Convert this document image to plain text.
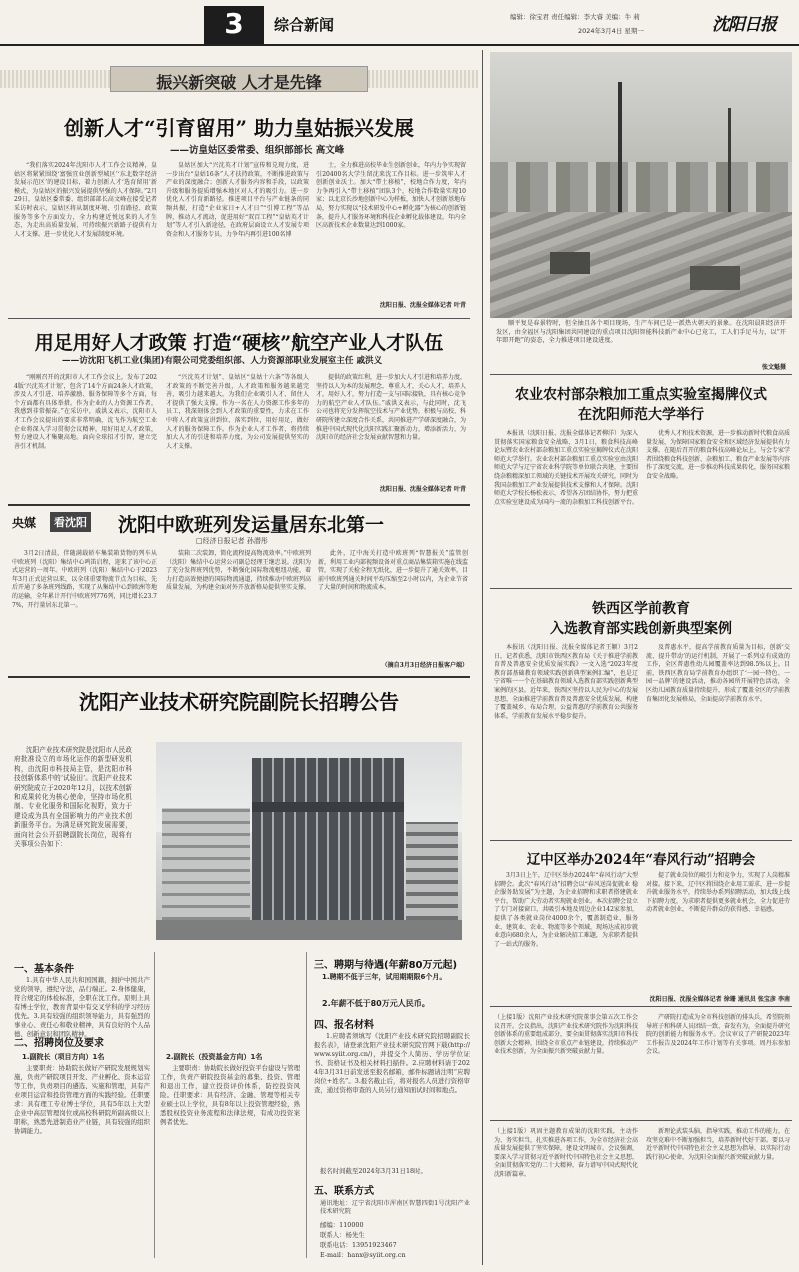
3	综合新闻	编辑：徐宝君 责任编辑：李大睿 美编：牛 莉
2024年3月4日 星期一	沈阳日报
振兴新突破 人才是先锋
创新人才“引育留用” 助力皇姑振兴发展
——访皇姑区委常委、组织部部长 高文峰

“我们落实2024年沈阳市人才工作会议精神，皇姑区将紧紧围绕‘富强宜业创新型城区’‘东北数字经济发展示范区’的建设目标，着力创新人才‘选育留用’新模式，为皇姑区的振兴发展提供坚强的人才保障。”2月29日，皇姑区委常委、组织部部长高文峰在接受记者采访时表示，皇姑区将从制度环境、引育路径、政策服务等多个方面发力，全力构建近悦远来的人才生态，为走出高质量发展、可持续振兴新路子提供有力人才支撑。进一步优化人才发展制度环境。

皇姑区加大“兴沈英才计划”宣传和兑现力度，进一步出台“皇姑16条”人才扶持政策，不断推进政策与产业的深度融合；创新人才服务内容和手段，以政策升级和服务提质增强本地区对人才的吸引力。进一步优化人才引育新路径。推进项目平台与产业链条的同频共振，打造“企业家日+人才日”“引博工程”等品牌，推动人才流动，促进用好“双百工程”“皇姑英才计划”等人才引入新途径，在政府层面设立人才发展专项资金和人才服务专员，力争年内再引进100名博

士，全力推进高校毕业生创新创业，年内力争实现留引20400名大学生留沈来沈工作目标。进一步筑牢人才创新创业沃土。加大“带土移植”，校地合作力度，年内力争再引入“带土移植”团队3个，校地合作数量实现10家；以北京长沙地创新中心为样板，加快人才创新基地布局，努力实现以“技术研发中心+孵化器”为核心的创新链条，提升人才服务环境和科技企业孵化载体建设。年内全区高新技术企业数量达到1000家。

沈阳日报、沈报全媒体记者 叶青
用足用好人才政策 打造“硬核”航空产业人才队伍
——访沈阳飞机工业(集团)有限公司党委组织部、人力资源部职业发展室主任 戚洪义

“刚刚召开的沈阳市人才工作会议上，发布了2024版‘兴沈英才计划’，包含了14个方面24条人才政策，涉及人才引进、培养激励、服务保障等多个方面，每个方面都有具体举措。作为企业的人力资源工作者，我感到非常振奋。”在采访中，戚洪义表示，沈阳市人才工作会议提出的要求非常明确，沈飞作为航空工业企业将深入学习贯彻会议精神，用好用足人才政策，努力建设人才集聚高地。面向全球招才引智，建立完善引才机制。

“兴沈英才计划”、皇姑区“皇姑十六条”等各级人才政策的不断完善升级，人才政策和服务越来越完善，吸引力越来越大，为我们企业吸引人才、留住人才提供了强大支撑。作为一名在人力资源工作多年的员工，我深刻体会到人才政策的重要性，力求在工作中将人才政策宣讲到位、落实到位，用好用足，做好人才的服务保障工作。作为企业人才工作者，将持续加大人才的引进和培养力度，为公司发展提供坚实的人才支撑。

提供的政策红利，进一步加大人才引进和培养力度，坚持以人为本的发展理念，尊重人才，关心人才，培养人才，用好人才，努力打造一支与国际接轨，具有核心竞争力的航空产业人才队伍。”戚洪义表示，与此同时，沈飞公司也将充分发挥航空技术与产业优势，积极与高校、科研院所建立深度合作关系，共同推进产学研深度融合，为推进中国式现代化沈阳实践汇聚新动力，增添新活力，为沈阳市的经济社会发展贡献智慧和力量。

沈阳日报、沈报全媒体记者 叶青
央媒	看沈阳 沈阳中欧班列发运量居东北第一
□经济日报记者 孙潜彤

3月2日清晨，伴随满载轿车集装箱货物的列车从中欧班列（沈阳）集结中心鸣笛启程，迎来了该中心正式运营的一周年。中欧班列（沈阳）集结中心于2023年3月正式运营以来，以全球重要物流节点为目标，先后开通了多条班列线路，实现了从集结中心到欧洲等地的运输，全年累计开行中欧班列776列，同比增长23.77%，开行量居东北第一。

装箱二次装卸，简化流程提高物流效率。”中欧班列（沈阳）集结中心运营公司副总经理王继忠说。沈阳为了充分发挥班列优势，不断强化国际物流枢纽功能，着力打造高效便捷的国际物流通道，持续推动中欧班列高质量发展，为构建全面对外开放新格局提供坚实支撑。

此外，辽中海关打造中欧班列“智慧报关”监管创新，利用工业内部视频设备对重点商品集装箱实施在线监管，实现了关检全程无纸化，进一步提升了通关效率，目前中欧班列通关时间平均压缩至2小时以内，为企业节省了大量的时间和物流成本。

（摘自3月3日经济日报客户端）
沈阳产业技术研究院副院长招聘公告

沈阳产业技术研究院是沈阳市人民政府批准设立的市场化运作的新型研发机构，由沈阳市科技局主管，是沈阳市科技创新体系中的‘试验田’。沈阳产业技术研究院成立于2020年12月，以技术创新和成果转化为核心使命，坚持市场化机制、专业化服务和国际化视野，致力于建设成为具有全国影响力的产业技术创新服务平台。为满足研究院发展需要，面向社会公开招聘副院长岗位，现将有关事项公告如下：

一、基本条件

1.具有中华人民共和国国籍，拥护中国共产党的领导，遵纪守法，品行端正。2.身体健康，符合规定的体检标准，全职在沈工作。原则上具有博士学位，教育背景中有交叉学科的学习经历优先。3.具有较强的组织领导能力，具有强烈的事业心、责任心和敬业精神，具有良好的个人品德、创新意识和团队精神。

二、招聘岗位及要求
1.副院长（项目方向）1名

主要职责：协助院长做好产研院发展规划实施，负责产研院项目开发、产业孵化、资本运营等工作，负责项目的遴选、实施和管理，具有产业项目运营和投资管理方面的实践经验。任职要求：具有理工专业博士学位，具有5年以上大型企业中高层管理岗位或高校科研院所副高级以上职称，熟悉先进制造业产业链，具有较强的组织协调能力。

2.副院长（投资基金方向）1名

主要职责：协助院长做好投资平台建设与管理工作，负责产研院投资基金的募集、投资、管理和退出工作，建立投资评价体系，防控投资风险。任职要求：具有经济、金融、管理等相关专业硕士以上学位，具有8年以上投资管理经验，熟悉股权投资业务流程和法律法规，有成功投资案例者优先。

三、聘期与待遇(年薪80万元起)
1.聘期不低于三年，试用期期限6个月。
2.年薪不低于80万元人民币。
四、报名材料

1.应聘者须填写《沈阳产业技术研究院招聘副院长报名表》，请登录沈阳产业技术研究院官网下载(http://www.syiit.org.cn/)，并提交个人简历、学历学位证书、资格证书及相关材料扫描件。2.应聘材料请于2024年3月31日前发送至报名邮箱，邮件标题请注明“应聘岗位+姓名”。3.报名截止后，将对报名人员进行资格审查，通过资格审查的人员另行通知面试时间和地点。

报名时间截至2024年3月31日18时。
五、联系方式

通讯地址：辽宁省沈阳市浑南区智慧四街1号沈阳产业技术研究院

邮编：110000
联系人：杨先生
联系电话：13951923467
E-mail：hanx@syiit.org.cn

顺平复是春景特时，但全抽且各个项目现场，生产车间已是一派热火朝天的景象。在沈阳晨阳经济开发区，由全福区与沈阳集团共同建设的重点项目沈阳智能科技新产业中心已竟工，工人们手足马力，以“开年即开跑”的姿态，全力推进项目建设进度。

张文魁摄
农业农村部杂粮加工重点实验室揭牌仪式
在沈阳师范大学举行

本报讯（沈阳日报、沈报全媒体记者柳洋）为深入贯彻落实国家粮食安全战略，3月1日，粮食科技高峰论坛暨农业农村部杂粮加工重点实验室揭牌仪式在沈阳师范大学举行。农业农村部杂粮加工重点实验室由沈阳师范大学与辽宁省农业科学院等单位联合共建，主要围绕杂粮精深加工领域的关键技术开展攻关研究，同时为我国杂粮加工产业发展提供技术支撑和人才保障。沈阳师范大学校长杨松表示，希望各方团结协作，努力把重点实验室建设成为国内一流的杂粮加工科技创新平台。

优秀人才和技术资源，进一步推动新时代粮食高质量发展，为保障国家粮食安全和区域经济发展提供有力支撑。在随后召开的粮食科技高峰论坛上，与会专家学者围绕粮食科技创新、杂粮加工、粮食产业发展等内容作了深度交流，进一步推动科技成果转化，服务国家粮食安全战略。

铁西区学前教育
入选教育部实践创新典型案例

本报讯（沈阳日报、沈报全媒体记者王颖）3月2日，记者获悉，沈阳市铁西区教育局《关于推进学前教育普及普惠安全优质发展实践》一文入选“2023年度教育部基础教育领域实践创新典型案例汇编”，也是辽宁省唯一一个在基础教育领域入选教育部实践创新典型案例的区县。近年来，铁西区坚持以人民为中心的发展思想，全面推进学前教育普及普惠安全优质发展，构建了覆盖城乡、布局合理、公益普惠的学前教育公共服务体系，学前教育发展水平稳步提升。

及普惠水平，提高学前教育质量为目标，创新‘交流、提升带动’的运行机制，开展了一系列卓有成效的工作，全区普惠性幼儿园覆盖率达到98.5%以上。目前，铁西区教育局学前教育办组织了‘一园一特色、一园一品牌’的建设活动，推动各园所开展特色活动，全区幼儿园教育质量持续提升，形成了覆盖全区的学前教育集团化发展格局，全面提高学前教育水平。

辽中区举办2024年“春风行动”招聘会

3月3日上午，辽中区举办2024年“春风行动”大型招聘会。此次“春风行动”招聘会以“春风送岗促就业 稳企服务助发展”为主题，为企业招聘和求职者搭建就业平台，帮助广大劳动者实现就业创业。本次招聘会设立了专门对接窗口，共吸引本地及周边企业142家参加，提供了各类就业岗位4000余个，覆盖制造业、服务业、建筑业、农业、物流等多个领域，现场达成初步就业意向680余人，为企业解决招工难题，为求职者提供了一站式的服务。

提了就业岗位的吸引力和竞争力，实现了人岗精准对接。接下来，辽中区将围绕企业用工需求，进一步提升就业服务水平，持续举办系列招聘活动，加大线上线下招聘力度，为求职者提供更多就业机会，全力促进劳动者就业创业，不断提升群众的获得感、幸福感。

沈阳日报、沈报全媒体记者 徐珊 通讯员 张宝彦 李南

（上接1版）沈阳产业技术研究院董事会第五次工作会议召开。会议指出，沈阳产业技术研究院作为沈阳科技创新体系的重要组成部分，要全面贯彻落实沈阳市科技创新大会精神，围绕全市重点产业链建设，持续推动产业技术创新，为全面振兴新突破贡献力量。

产研院打造成为全市科技创新的排头兵，希望院领导班子和科研人员团结一致、奋发有为，全面提升研究院的创新能力和服务水平。会议审议了产研院2023年工作报告及2024年工作计划等有关事项。周丹东参加会议。

（上接1版）巩固主题教育成果的沈阳实践，主动作为、务实担当，扎实推进各项工作，为全市经济社会高质量发展提供了坚实保障，建设文明城市。会议强调，要深入学习贯彻习近平新时代中国特色社会主义思想，全面贯彻落实党的二十大精神，奋力谱写中国式现代化沈阳新篇章。

新理论武装头脑，指导实践，推动工作的能力，在攻坚克难中不断加强担当，培养新时代好干部。要以习近平新时代中国特色社会主义思想为指导，以实际行动践行初心使命，为沈阳全面振兴新突破贡献力量。
